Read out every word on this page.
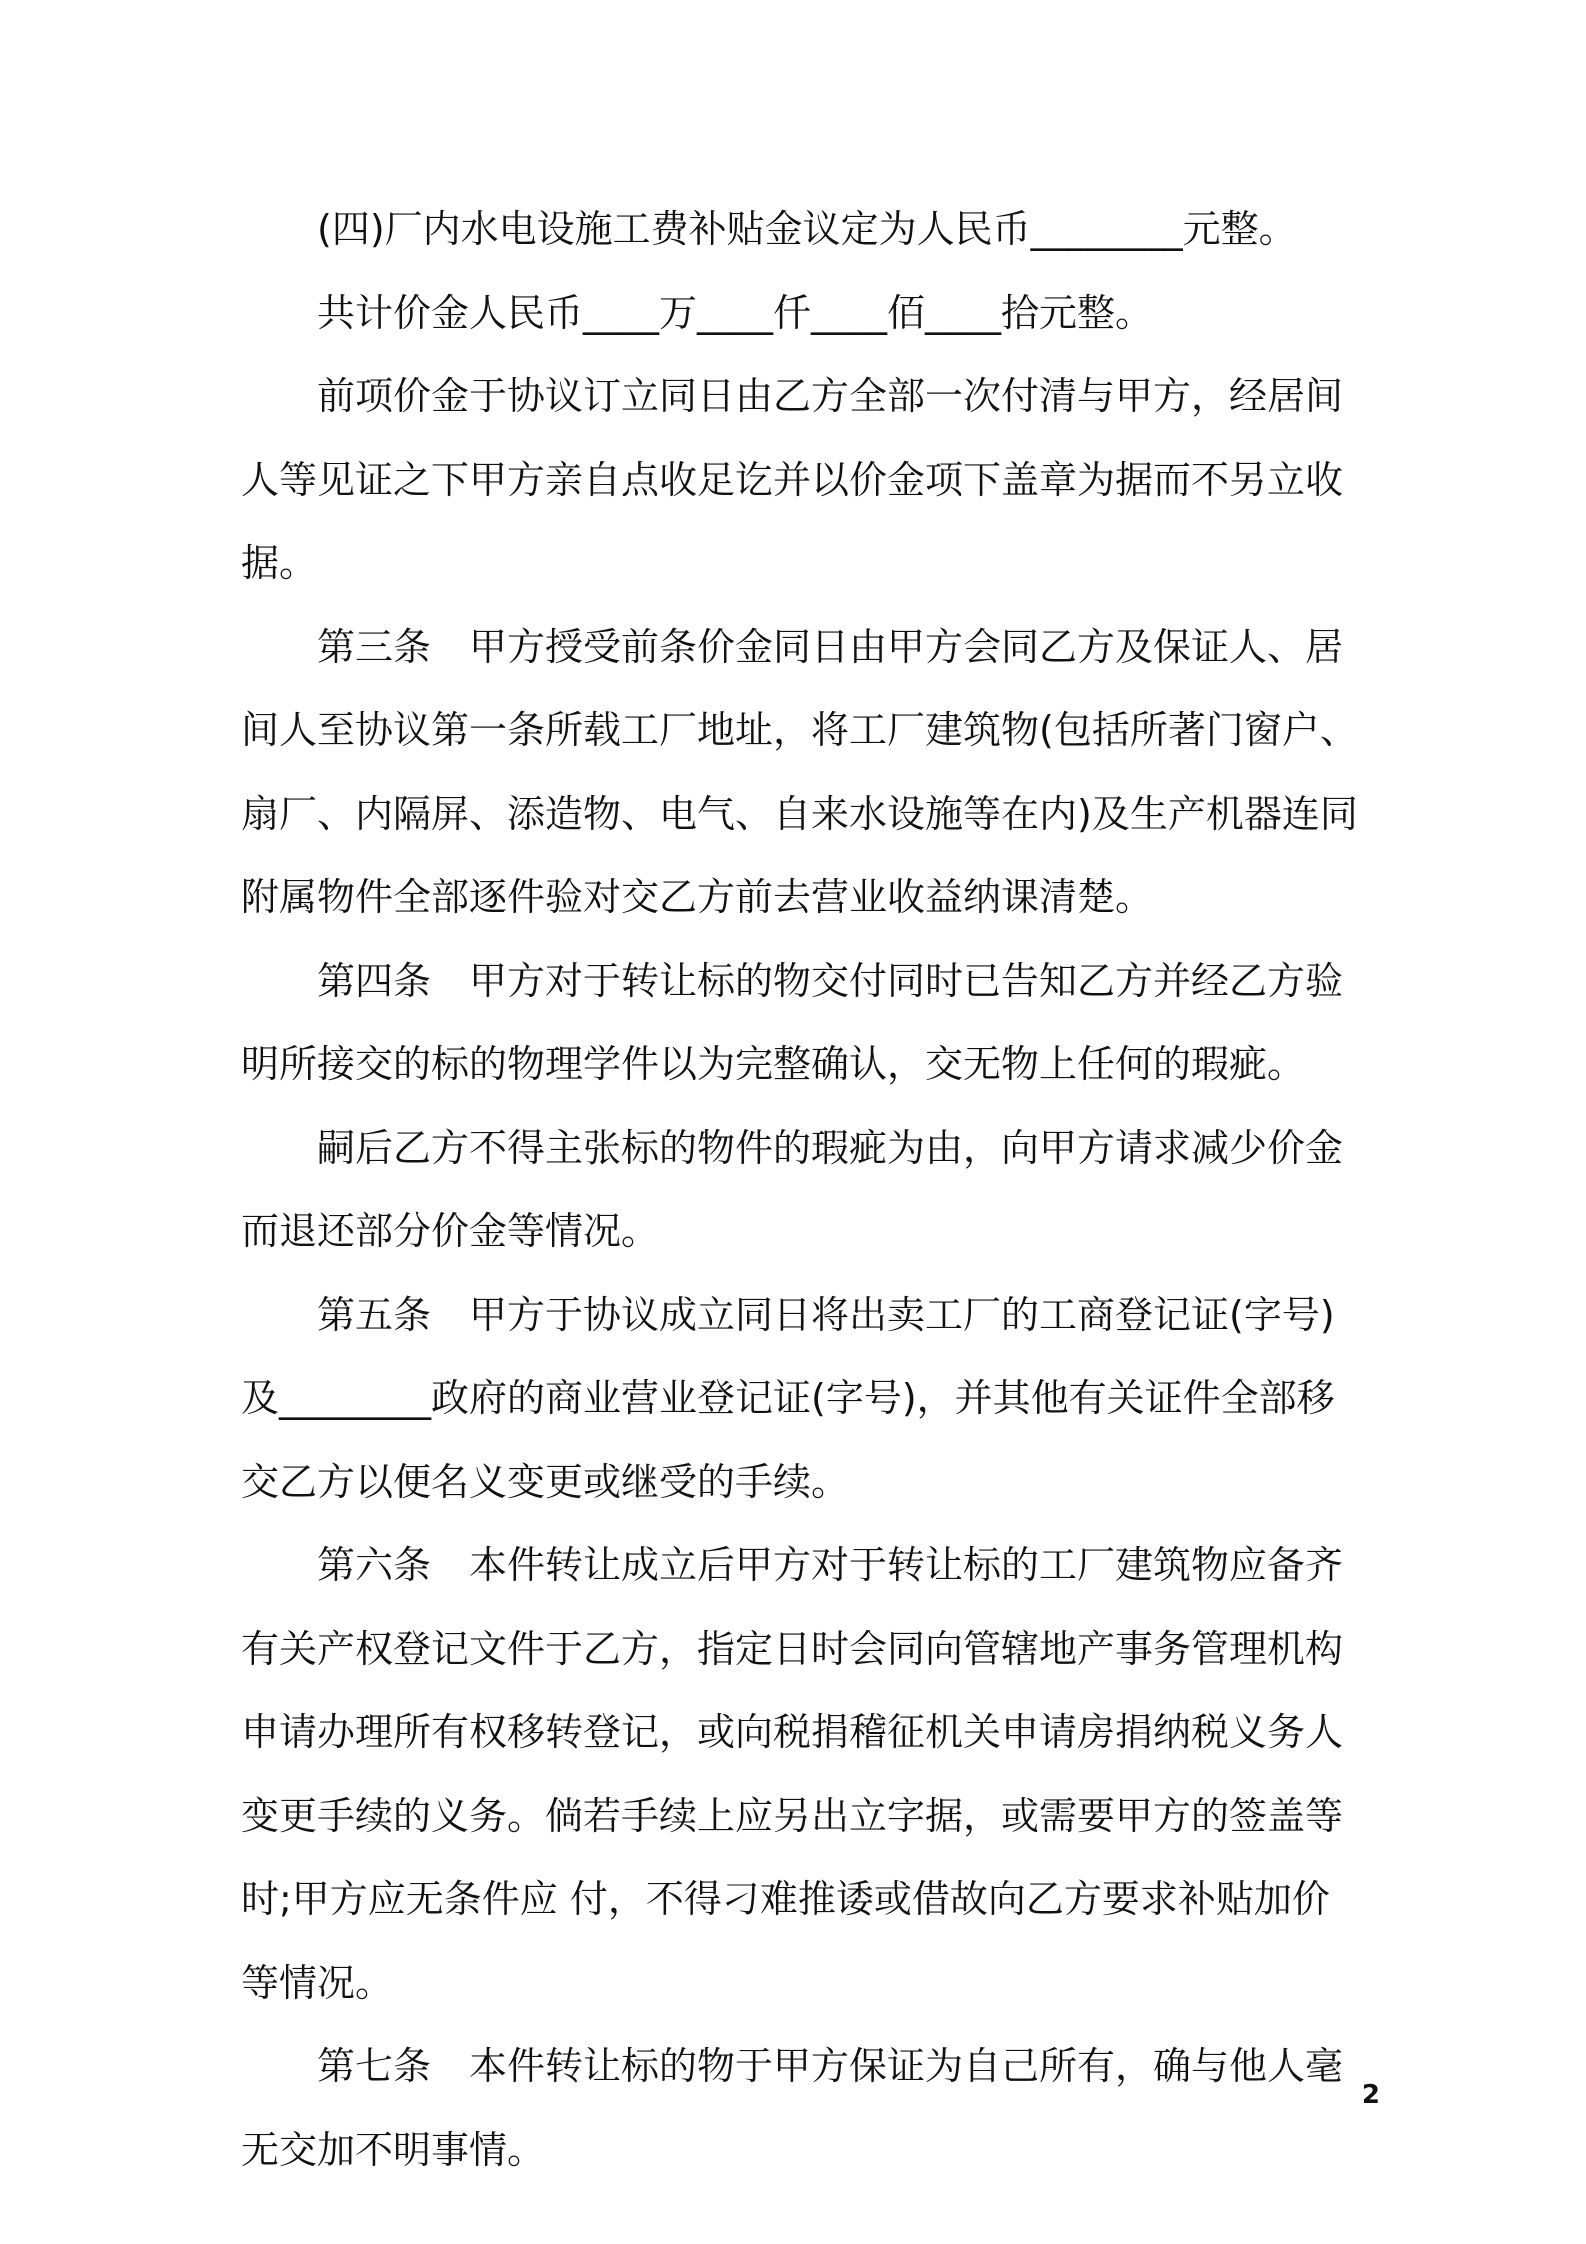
(四)厂内水电设施工费补贴金议定为人民币________元整。

共计价金人民币____万____仟____佰____拾元整。

前项价金于协议订立同日由乙方全部一次付清与甲方，经居间人等见证之下甲方亲自点收足讫并以价金项下盖章为据而不另立收据。

第三条　甲方授受前条价金同日由甲方会同乙方及保证人、居间人至协议第一条所载工厂地址，将工厂建筑物(包括所著门窗户、扇厂、内隔屏、添造物、电气、自来水设施等在内)及生产机器连同附属物件全部逐件验对交乙方前去营业收益纳课清楚。

第四条　甲方对于转让标的物交付同时已告知乙方并经乙方验明所接交的标的物理学件以为完整确认，交无物上任何的瑕疵。

嗣后乙方不得主张标的物件的瑕疵为由，向甲方请求减少价金而退还部分价金等情况。

第五条　甲方于协议成立同日将出卖工厂的工商登记证(字号)及________政府的商业营业登记证(字号)，并其他有关证件全部移交乙方以便名义变更或继受的手续。

第六条　本件转让成立后甲方对于转让标的工厂建筑物应备齐有关产权登记文件于乙方，指定日时会同向管辖地产事务管理机构申请办理所有权移转登记，或向税捐稽征机关申请房捐纳税义务人变更手续的义务。倘若手续上应另出立字据，或需要甲方的签盖等时;甲方应无条件应 付，不得刁难推诿或借故向乙方要求补贴加价等情况。

第七条　本件转让标的物于甲方保证为自己所有，确与他人毫无交加不明事情。

2
